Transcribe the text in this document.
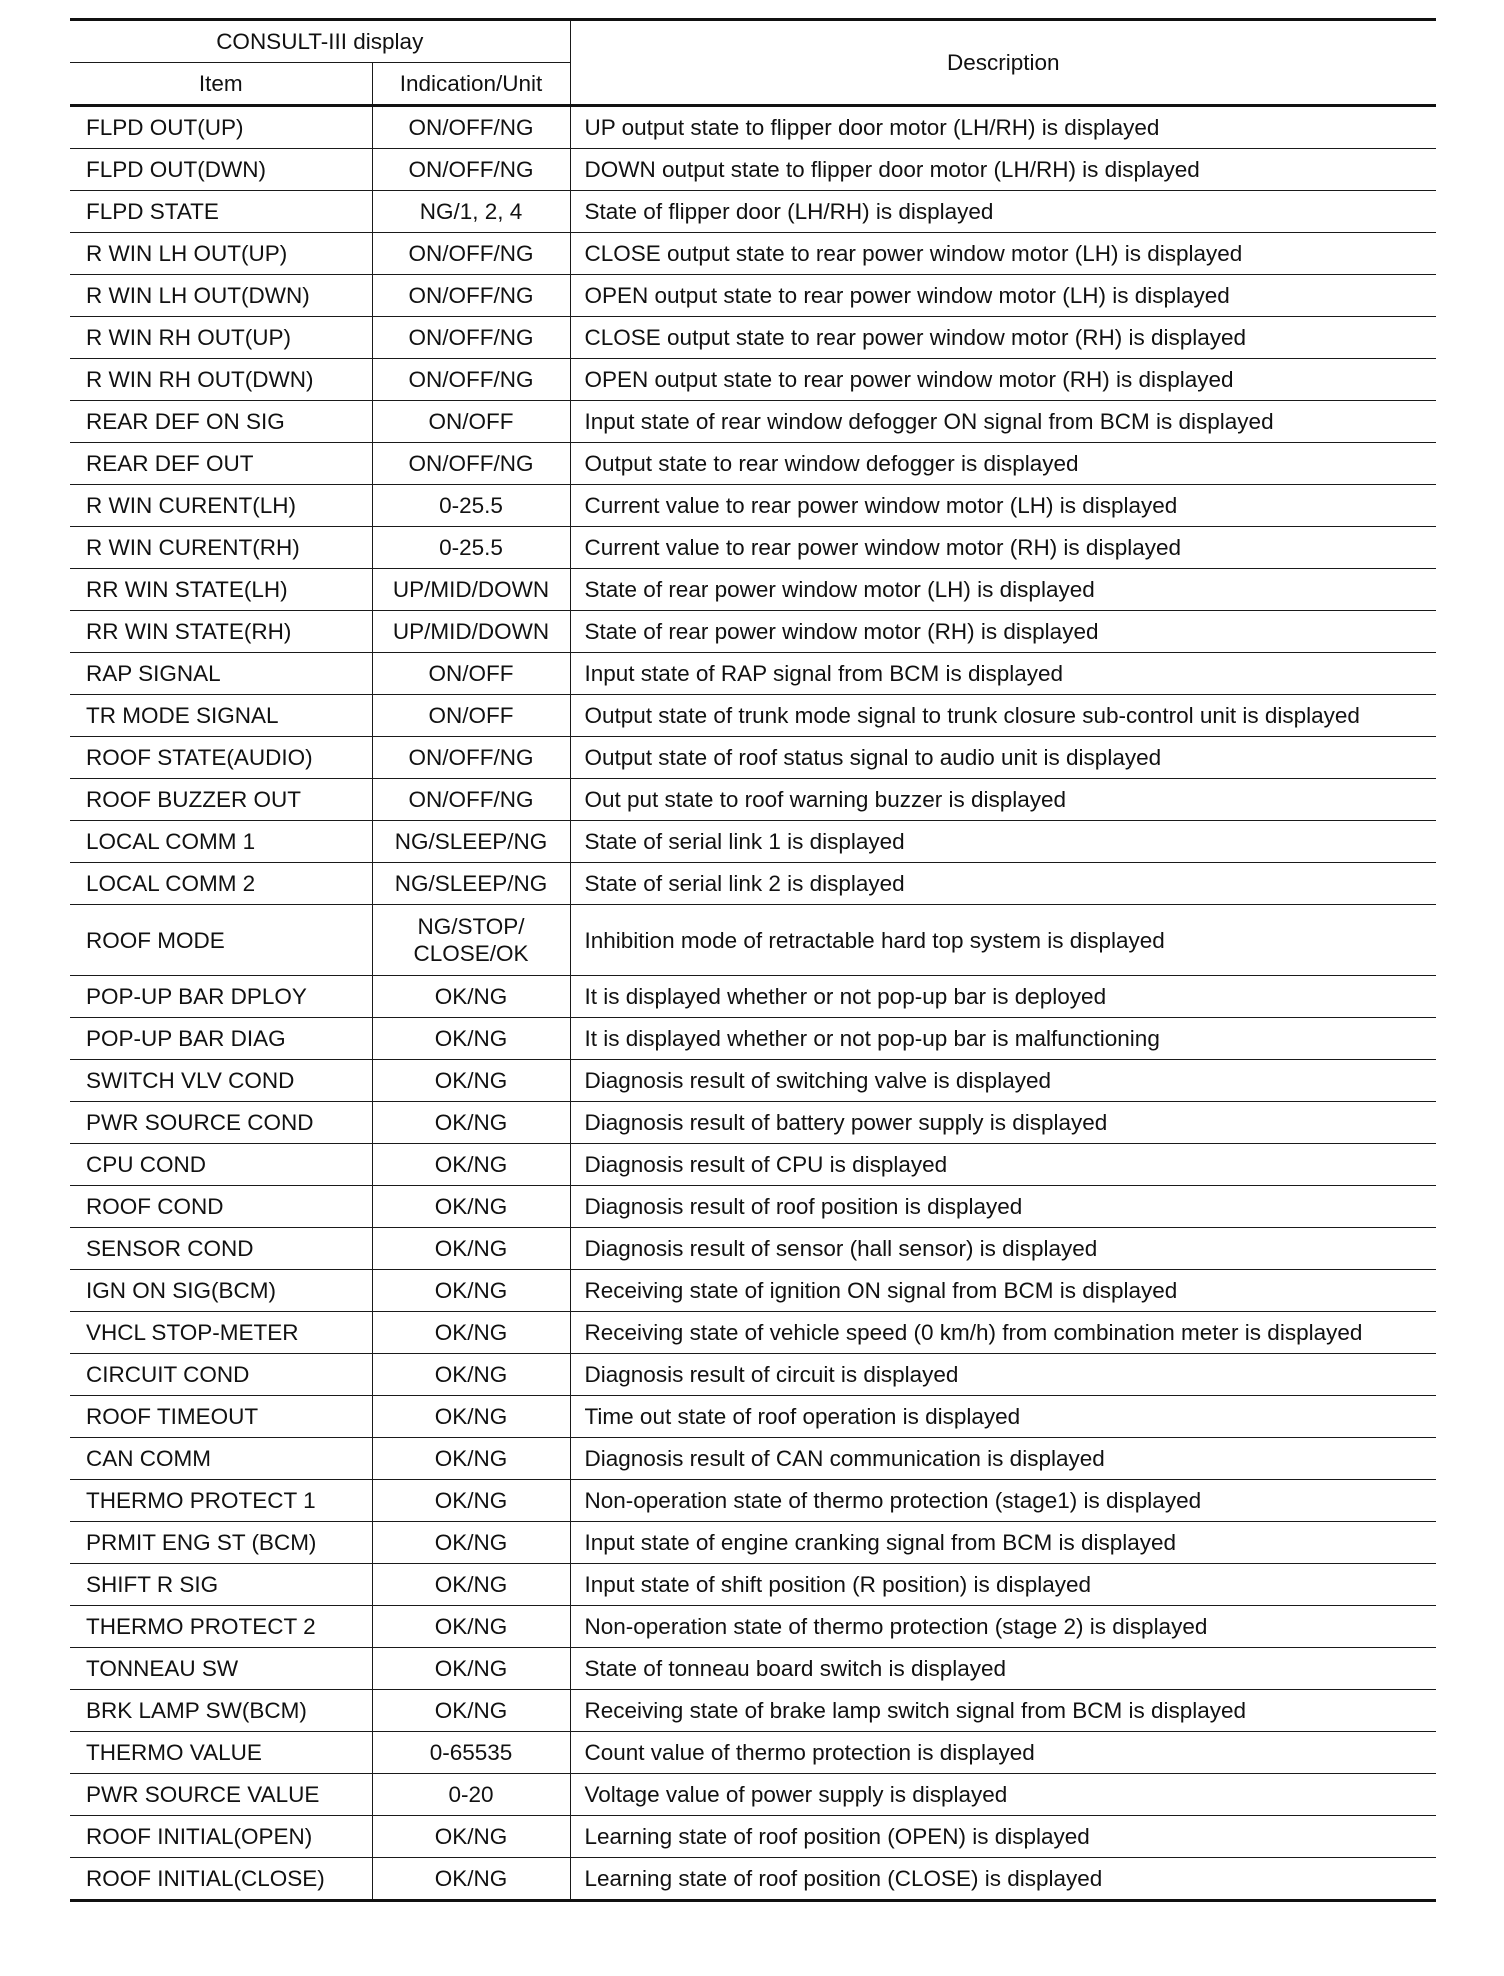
CONSULT-III display		Description
Item	Indication/Unit	
FLPD OUT(UP)	ON/OFF/NG	UP output state to flipper door motor (LH/RH) is displayed
FLPD OUT(DWN)	ON/OFF/NG	DOWN output state to flipper door motor (LH/RH) is displayed
FLPD STATE	NG/1, 2, 4	State of flipper door (LH/RH) is displayed
R WIN LH OUT(UP)	ON/OFF/NG	CLOSE output state to rear power window motor (LH) is displayed
R WIN LH OUT(DWN)	ON/OFF/NG	OPEN output state to rear power window motor (LH) is displayed
R WIN RH OUT(UP)	ON/OFF/NG	CLOSE output state to rear power window motor (RH) is displayed
R WIN RH OUT(DWN)	ON/OFF/NG	OPEN output state to rear power window motor (RH) is displayed
REAR DEF ON SIG	ON/OFF	Input state of rear window defogger ON signal from BCM is displayed
REAR DEF OUT	ON/OFF/NG	Output state to rear window defogger is displayed
R WIN CURENT(LH)	0-25.5	Current value to rear power window motor (LH) is displayed
R WIN CURENT(RH)	0-25.5	Current value to rear power window motor (RH) is displayed
RR WIN STATE(LH)	UP/MID/DOWN	State of rear power window motor (LH) is displayed
RR WIN STATE(RH)	UP/MID/DOWN	State of rear power window motor (RH) is displayed
RAP SIGNAL	ON/OFF	Input state of RAP signal from BCM is displayed
TR MODE SIGNAL	ON/OFF	Output state of trunk mode signal to trunk closure sub-control unit is displayed
ROOF STATE(AUDIO)	ON/OFF/NG	Output state of roof status signal to audio unit is displayed
ROOF BUZZER OUT	ON/OFF/NG	Out put state to roof warning buzzer is displayed
LOCAL COMM 1	NG/SLEEP/NG	State of serial link 1 is displayed
LOCAL COMM 2	NG/SLEEP/NG	State of serial link 2 is displayed
ROOF MODE	NG/STOP/ CLOSE/OK	Inhibition mode of retractable hard top system is displayed
POP-UP BAR DPLOY	OK/NG	It is displayed whether or not pop-up bar is deployed
POP-UP BAR DIAG	OK/NG	It is displayed whether or not pop-up bar is malfunctioning
SWITCH VLV COND	OK/NG	Diagnosis result of switching valve is displayed
PWR SOURCE COND	OK/NG	Diagnosis result of battery power supply is displayed
CPU COND	OK/NG	Diagnosis result of CPU is displayed
ROOF COND	OK/NG	Diagnosis result of roof position is displayed
SENSOR COND	OK/NG	Diagnosis result of sensor (hall sensor) is displayed
IGN ON SIG(BCM)	OK/NG	Receiving state of ignition ON signal from BCM is displayed
VHCL STOP-METER	OK/NG	Receiving state of vehicle speed (0 km/h) from combination meter is displayed
CIRCUIT COND	OK/NG	Diagnosis result of circuit is displayed
ROOF TIMEOUT	OK/NG	Time out state of roof operation is displayed
CAN COMM	OK/NG	Diagnosis result of CAN communication is displayed
THERMO PROTECT 1	OK/NG	Non-operation state of thermo protection (stage1) is displayed
PRMIT ENG ST (BCM)	OK/NG	Input state of engine cranking signal from BCM is displayed
SHIFT R SIG	OK/NG	Input state of shift position (R position) is displayed
THERMO PROTECT 2	OK/NG	Non-operation state of thermo protection (stage 2) is displayed
TONNEAU SW	OK/NG	State of tonneau board switch is displayed
BRK LAMP SW(BCM)	OK/NG	Receiving state of brake lamp switch signal from BCM is displayed
THERMO VALUE	0-65535	Count value of thermo protection is displayed
PWR SOURCE VALUE	0-20	Voltage value of power supply is displayed
ROOF INITIAL(OPEN)	OK/NG	Learning state of roof position (OPEN) is displayed
ROOF INITIAL(CLOSE)	OK/NG	Learning state of roof position (CLOSE) is displayed
